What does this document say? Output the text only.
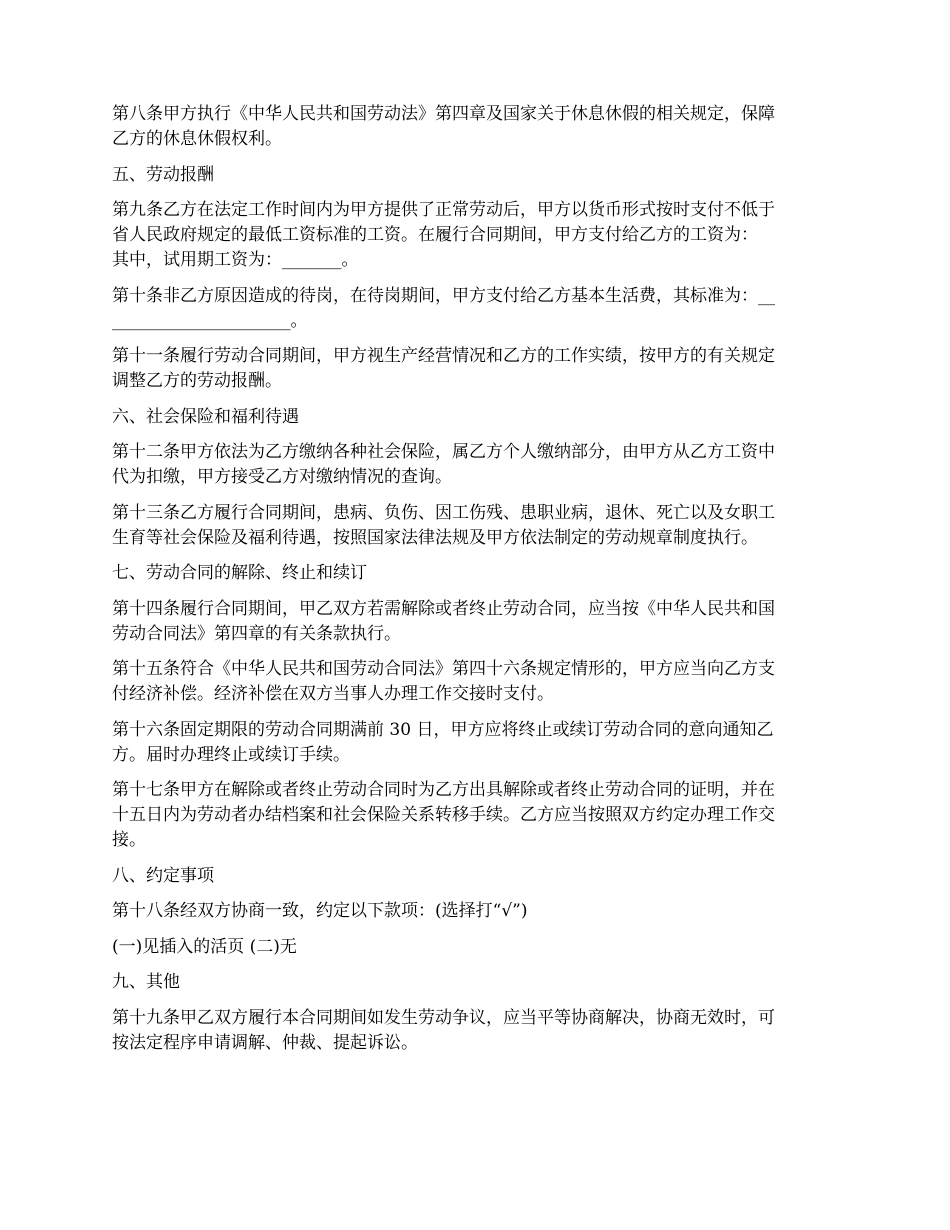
第八条甲方执行《中华人民共和国劳动法》第四章及国家关于休息休假的相关规定，保障
乙方的休息休假权利。

五、劳动报酬

第九条乙方在法定工作时间内为甲方提供了正常劳动后，甲方以货币形式按时支付不低于
省人民政府规定的最低工资标准的工资。在履行合同期间，甲方支付给乙方的工资为：
其中，试用期工资为：_______。

第十条非乙方原因造成的待岗，在待岗期间，甲方支付给乙方基本生活费，其标准为：__
_____________________。

第十一条履行劳动合同期间，甲方视生产经营情况和乙方的工作实绩，按甲方的有关规定
调整乙方的劳动报酬。

六、社会保险和福利待遇

第十二条甲方依法为乙方缴纳各种社会保险，属乙方个人缴纳部分，由甲方从乙方工资中
代为扣缴，甲方接受乙方对缴纳情况的查询。

第十三条乙方履行合同期间，患病、负伤、因工伤残、患职业病，退休、死亡以及女职工
生育等社会保险及福利待遇，按照国家法律法规及甲方依法制定的劳动规章制度执行。

七、劳动合同的解除、终止和续订

第十四条履行合同期间，甲乙双方若需解除或者终止劳动合同，应当按《中华人民共和国
劳动合同法》第四章的有关条款执行。

第十五条符合《中华人民共和国劳动合同法》第四十六条规定情形的，甲方应当向乙方支
付经济补偿。经济补偿在双方当事人办理工作交接时支付。

第十六条固定期限的劳动合同期满前 30 日，甲方应将终止或续订劳动合同的意向通知乙
方。届时办理终止或续订手续。

第十七条甲方在解除或者终止劳动合同时为乙方出具解除或者终止劳动合同的证明，并在
十五日内为劳动者办结档案和社会保险关系转移手续。乙方应当按照双方约定办理工作交
接。

八、约定事项

第十八条经双方协商一致，约定以下款项：(选择打“√”)

(一)见插入的活页 (二)无

九、其他

第十九条甲乙双方履行本合同期间如发生劳动争议，应当平等协商解决，协商无效时，可
按法定程序申请调解、仲裁、提起诉讼。
